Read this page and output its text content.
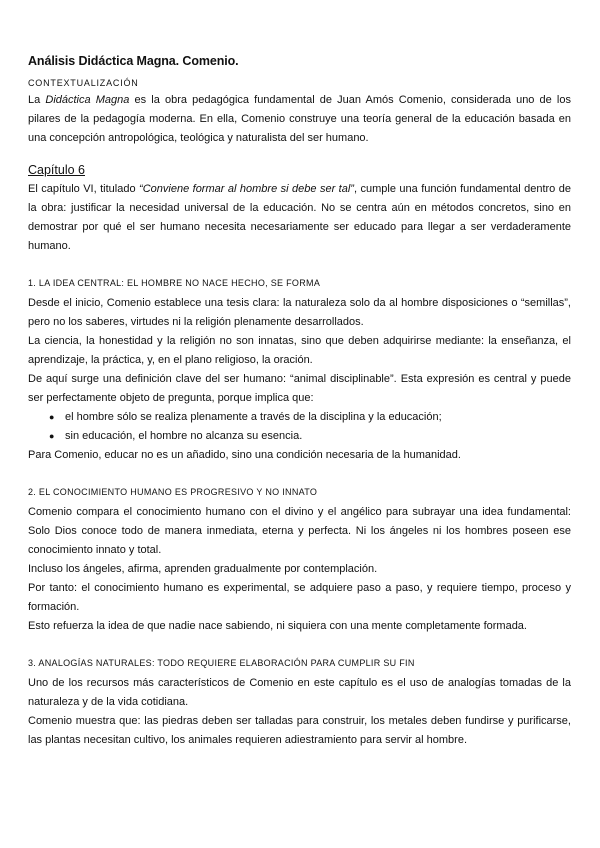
Análisis Didáctica Magna. Comenio.
CONTEXTUALIZACIÓN

La Didáctica Magna es la obra pedagógica fundamental de Juan Amós Comenio, considerada uno de los pilares de la pedagogía moderna. En ella, Comenio construye una teoría general de la educación basada en una concepción antropológica, teológica y naturalista del ser humano.

Capítulo 6

El capítulo VI, titulado “Conviene formar al hombre si debe ser tal”, cumple una función fundamental dentro de la obra: justificar la necesidad universal de la educación. No se centra aún en métodos concretos, sino en demostrar por qué el ser humano necesita necesariamente ser educado para llegar a ser verdaderamente humano.

1. LA IDEA CENTRAL: EL HOMBRE NO NACE HECHO, SE FORMA

Desde el inicio, Comenio establece una tesis clara: la naturaleza solo da al hombre disposiciones o “semillas”, pero no los saberes, virtudes ni la religión plenamente desarrollados.

La ciencia, la honestidad y la religión no son innatas, sino que deben adquirirse mediante: la enseñanza, el aprendizaje, la práctica, y, en el plano religioso, la oración.

De aquí surge una definición clave del ser humano: “animal disciplinable”. Esta expresión es central y puede ser perfectamente objeto de pregunta, porque implica que:

● el hombre sólo se realiza plenamente a través de la disciplina y la educación;
● sin educación, el hombre no alcanza su esencia.

Para Comenio, educar no es un añadido, sino una condición necesaria de la humanidad.

2. EL CONOCIMIENTO HUMANO ES PROGRESIVO Y NO INNATO

Comenio compara el conocimiento humano con el divino y el angélico para subrayar una idea fundamental: Solo Dios conoce todo de manera inmediata, eterna y perfecta. Ni los ángeles ni los hombres poseen ese conocimiento innato y total.

Incluso los ángeles, afirma, aprenden gradualmente por contemplación.

Por tanto: el conocimiento humano es experimental, se adquiere paso a paso, y requiere tiempo, proceso y formación.

Esto refuerza la idea de que nadie nace sabiendo, ni siquiera con una mente completamente formada.

3. ANALOGÍAS NATURALES: TODO REQUIERE ELABORACIÓN PARA CUMPLIR SU FIN

Uno de los recursos más característicos de Comenio en este capítulo es el uso de analogías tomadas de la naturaleza y de la vida cotidiana.

Comenio muestra que: las piedras deben ser talladas para construir, los metales deben fundirse y purificarse, las plantas necesitan cultivo, los animales requieren adiestramiento para servir al hombre.
